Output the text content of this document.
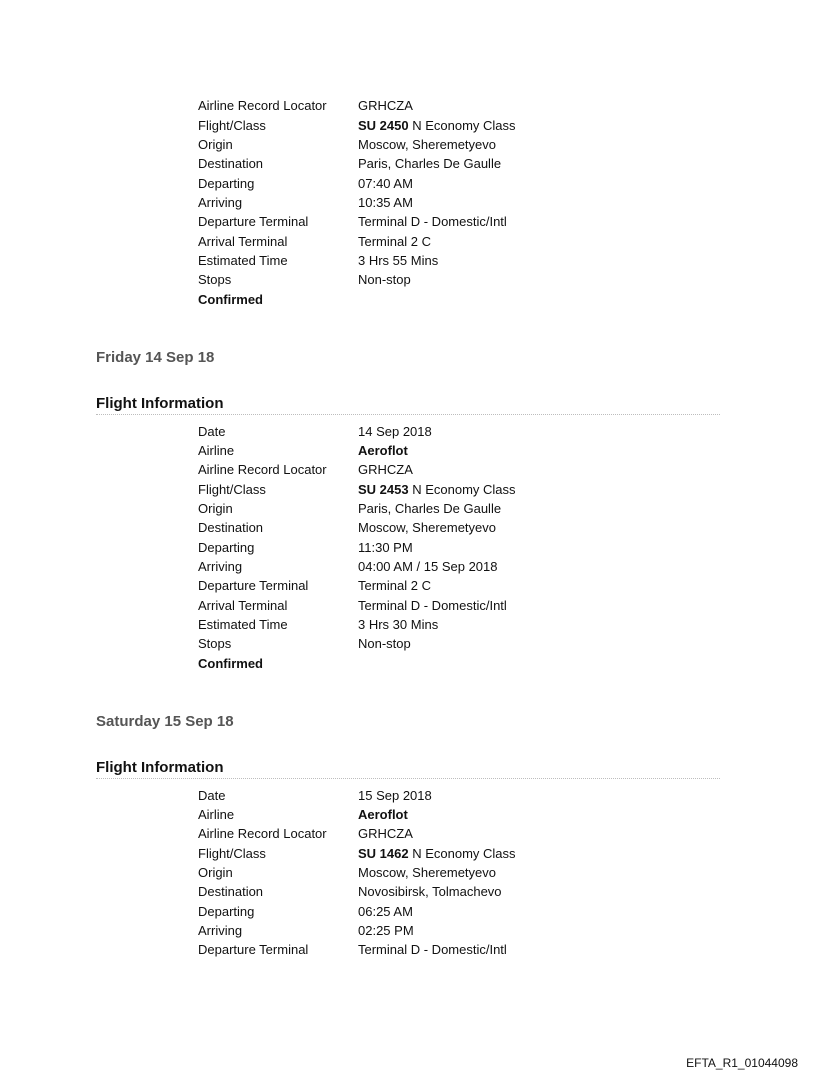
Airline Record Locator GRHCZA
Flight/Class	SU 2450 N Economy Class
Origin	Moscow, Sheremetyevo
Destination	Paris, Charles De Gaulle
Departing	07:40 AM
Arriving	10:35 AM
Departure Terminal	Terminal D - Domestic/Intl
Arrival Terminal	Terminal 2 C
Estimated Time	3 Hrs 55 Mins
Stops	Non-stop
Confirmed
Friday 14 Sep 18
Flight Information
Date	14 Sep 2018
Airline	Aeroflot
Airline Record Locator GRHCZA
Flight/Class	SU 2453 N Economy Class
Origin	Paris, Charles De Gaulle
Destination	Moscow, Sheremetyevo
Departing	11:30 PM
Arriving	04:00 AM / 15 Sep 2018
Departure Terminal	Terminal 2 C
Arrival Terminal	Terminal D - Domestic/Intl
Estimated Time	3 Hrs 30 Mins
Stops	Non-stop
Confirmed
Saturday 15 Sep 18
Flight Information
Date	15 Sep 2018
Airline	Aeroflot
Airline Record Locator GRHCZA
Flight/Class	SU 1462 N Economy Class
Origin	Moscow, Sheremetyevo
Destination	Novosibirsk, Tolmachevo
Departing	06:25 AM
Arriving	02:25 PM
Departure Terminal	Terminal D - Domestic/Intl
EFTA_R1_01044098
